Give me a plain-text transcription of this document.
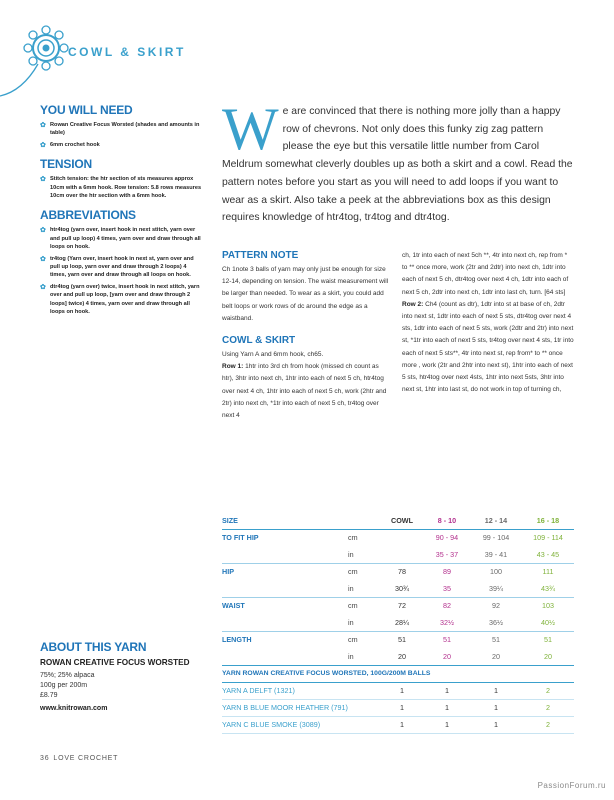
COWL & SKIRT
YOU WILL NEED
✿ Rowan Creative Focus Worsted (shades and amounts in table)
✿ 6mm crochet hook
TENSION
✿ Stitch tension: the htr section of sts measures approx 10cm with a 6mm hook. Row tension: 5.8 rows measures 10cm over the htr section with a 6mm hook.
ABBREVIATIONS
✿ htr4tog (yarn over, insert hook in next stitch, yarn over and pull up loop) 4 times, yarn over and draw through all loops on hook.
✿ tr4tog (Yarn over, insert hook in next st, yarn over and pull up loop, yarn over and draw through 2 loops) 4 times, yarn over and draw through all loops on hook.
✿ dtr4tog (yarn over) twice, insert hook in next stitch, yarn over and pull up loop, [yarn over and draw through 2 loops] twice) 4 times, yarn over and draw through all loops on hook.
We are convinced that there is nothing more jolly than a happy row of chevrons. Not only does this funky zig zag pattern please the eye but this versatile little number from Carol Meldrum somewhat cleverly doubles up as both a skirt and a cowl. Read the pattern notes before you start as you will need to add loops if you want to wear as a skirt. Also take a peek at the abbreviations box as this design requires knowledge of htr4tog, tr4tog and dtr4tog.
PATTERN NOTE

Ch 1note 3 balls of yarn may only just be enough for size 12-14, depending on tension. The waist measurement will be larger than needed. To wear as a skirt, you could add belt loops or work rows of dc around the edge as a waistband.

COWL & SKIRT

Using Yarn A and 6mm hook, ch65.

Row 1: 1htr into 3rd ch from hook (missed ch count as htr), 3htr into next ch, 1htr into each of next 5 ch, htr4tog over next 4 ch, 1htr into each of next 5 ch, work (2htr and 2tr) into next ch, *1tr into each of next 5 ch, tr4tog over next 4

ch, 1tr into each of next 5ch **, 4tr into next ch, rep from * to ** once more, work (2tr and 2dtr) into next ch, 1dtr into each of next 5 ch, dtr4tog over next 4 ch, 1dtr into each of next 5 ch, 2dtr into next ch, 1dtr into last ch, turn. [64 sts]

Row 2: Ch4 (count as dtr), 1dtr into st at base of ch, 2dtr into next st, 1dtr into each of next 5 sts, dtr4tog over next 4 sts, 1dtr into each of next 5 sts, work (2dtr and 2tr) into next st, *1tr into each of next 5 sts, tr4tog over next 4 sts, 1tr into each of next 5 sts**, 4tr into next st, rep from* to ** once more , work (2tr and 2htr into next st), 1htr into each of next 5 sts, htr4tog over next 4sts, 1htr into next 5sts, 3htr into next st, 1htr into last st, do not work in top of turning ch,

SIZE		COWL	8 - 10	12 - 14	16 - 18
TO FIT HIP	cm		90 - 94	99 - 104	109 - 114
	in		35 - 37	39 - 41	43 - 45
HIP	cm	78	89	100	111
	in	30¾	35	39¼	43¾
WAIST	cm	72	82	92	103
	in	28¼	32½	36½	40½
LENGTH	cm	51	51	51	51
	in	20	20	20	20
YARN ROWAN CREATIVE FOCUS WORSTED, 100G/200M BALLS					
YARN A DELFT (1321)		1	1	1	2
YARN B BLUE MOOR HEATHER (791)		1	1	1	2
YARN C BLUE SMOKE (3089)		1	1	1	2
ABOUT THIS YARN
ROWAN CREATIVE FOCUS WORSTED
75%; 25% alpaca
100g per 200m
£8.79
www.knitrowan.com
36 LOVE CROCHET
PassionForum.ru
